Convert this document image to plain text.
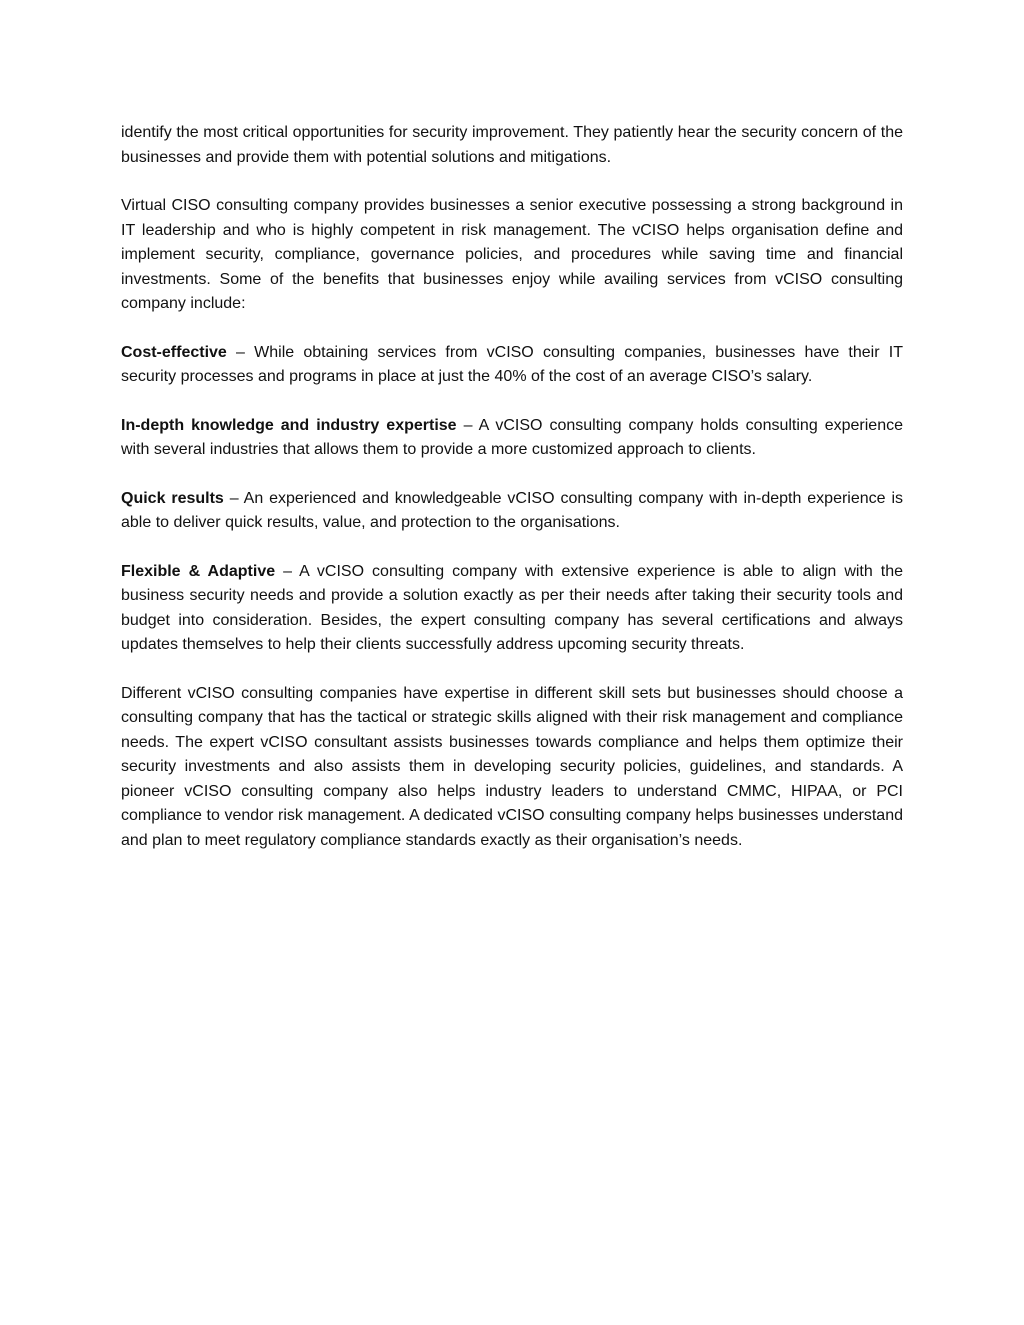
identify the most critical opportunities for security improvement. They patiently hear the security concern of the businesses and provide them with potential solutions and mitigations.

Virtual CISO consulting company provides businesses a senior executive possessing a strong background in IT leadership and who is highly competent in risk management. The vCISO helps organisation define and implement security, compliance, governance policies, and procedures while saving time and financial investments. Some of the benefits that businesses enjoy while availing services from vCISO consulting company include:

Cost-effective – While obtaining services from vCISO consulting companies, businesses have their IT security processes and programs in place at just the 40% of the cost of an average CISO’s salary.

In-depth knowledge and industry expertise – A vCISO consulting company holds consulting experience with several industries that allows them to provide a more customized approach to clients.

Quick results – An experienced and knowledgeable vCISO consulting company with in-depth experience is able to deliver quick results, value, and protection to the organisations.

Flexible & Adaptive – A vCISO consulting company with extensive experience is able to align with the business security needs and provide a solution exactly as per their needs after taking their security tools and budget into consideration. Besides, the expert consulting company has several certifications and always updates themselves to help their clients successfully address upcoming security threats.

Different vCISO consulting companies have expertise in different skill sets but businesses should choose a consulting company that has the tactical or strategic skills aligned with their risk management and compliance needs. The expert vCISO consultant assists businesses towards compliance and helps them optimize their security investments and also assists them in developing security policies, guidelines, and standards. A pioneer vCISO consulting company also helps industry leaders to understand CMMC, HIPAA, or PCI compliance to vendor risk management. A dedicated vCISO consulting company helps businesses understand and plan to meet regulatory compliance standards exactly as their organisation’s needs.
